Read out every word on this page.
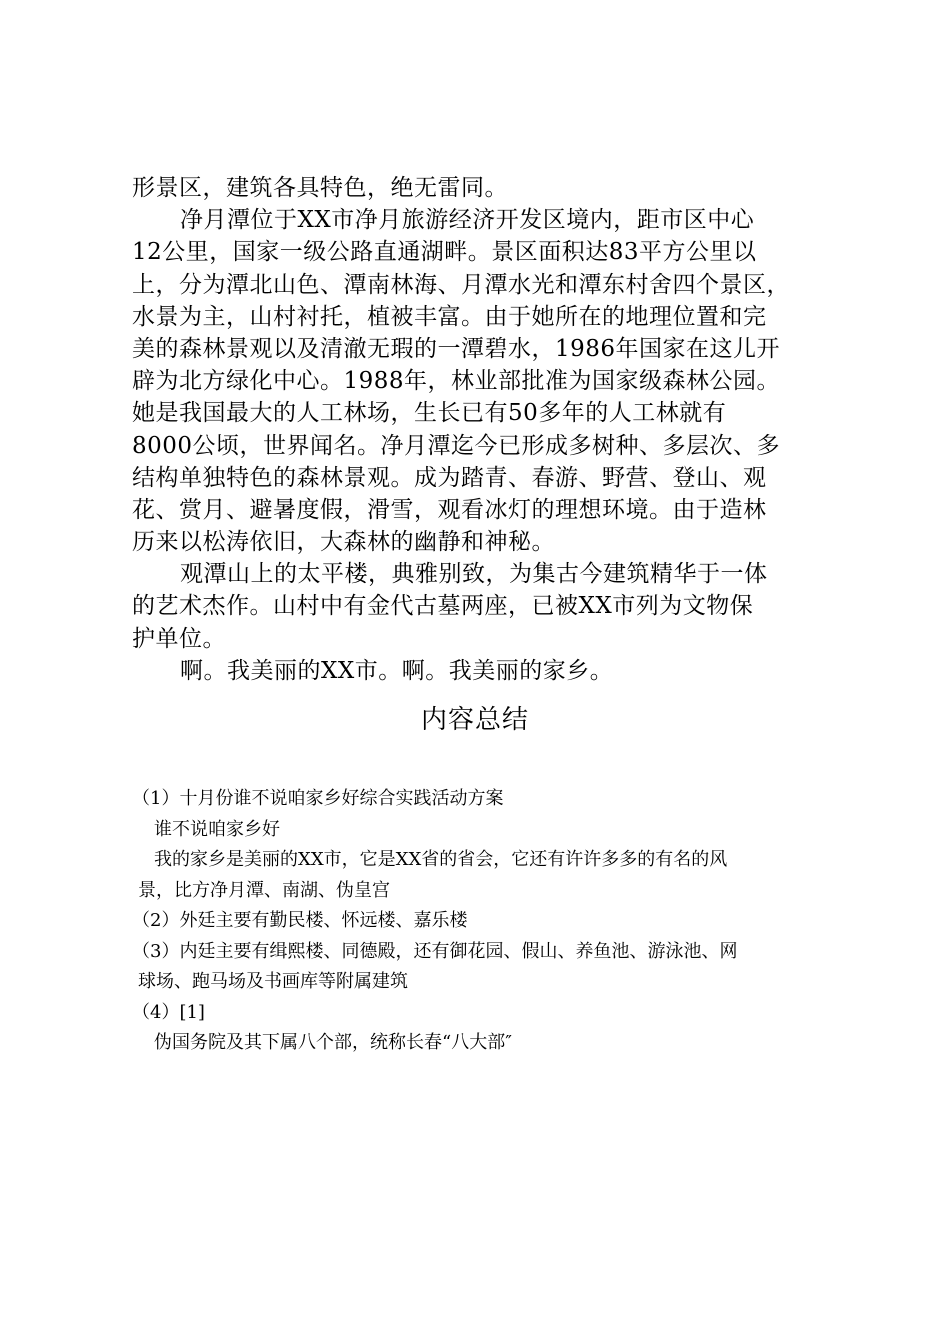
形景区，建筑各具特色，绝无雷同。
净月潭位于XX市净月旅游经济开发区境内，距市区中心
12公里，国家一级公路直通湖畔。景区面积达83平方公里以
上，分为潭北山色、潭南林海、月潭水光和潭东村舍四个景区，
水景为主，山村衬托，植被丰富。由于她所在的地理位置和完
美的森林景观以及清澈无瑕的一潭碧水，1986年国家在这儿开
辟为北方绿化中心。1988年，林业部批准为国家级森林公园。
她是我国最大的人工林场，生长已有50多年的人工林就有
8000公顷，世界闻名。净月潭迄今已形成多树种、多层次、多
结构单独特色的森林景观。成为踏青、春游、野营、登山、观
花、赏月、避暑度假，滑雪，观看冰灯的理想环境。由于造林
历来以松涛依旧，大森林的幽静和神秘。
观潭山上的太平楼，典雅别致，为集古今建筑精华于一体
的艺术杰作。山村中有金代古墓两座，已被XX市列为文物保
护单位。
啊。我美丽的XX市。啊。我美丽的家乡。
内容总结
（1）十月份谁不说咱家乡好综合实践活动方案
谁不说咱家乡好
我的家乡是美丽的XX市，它是XX省的省会，它还有许许多多的有名的风
景，比方净月潭、南湖、伪皇宫
（2）外廷主要有勤民楼、怀远楼、嘉乐楼
（3）内廷主要有缉熙楼、同德殿，还有御花园、假山、养鱼池、游泳池、网
球场、跑马场及书画库等附属建筑
（4）[1]
伪国务院及其下属八个部，统称长春“八大部″
